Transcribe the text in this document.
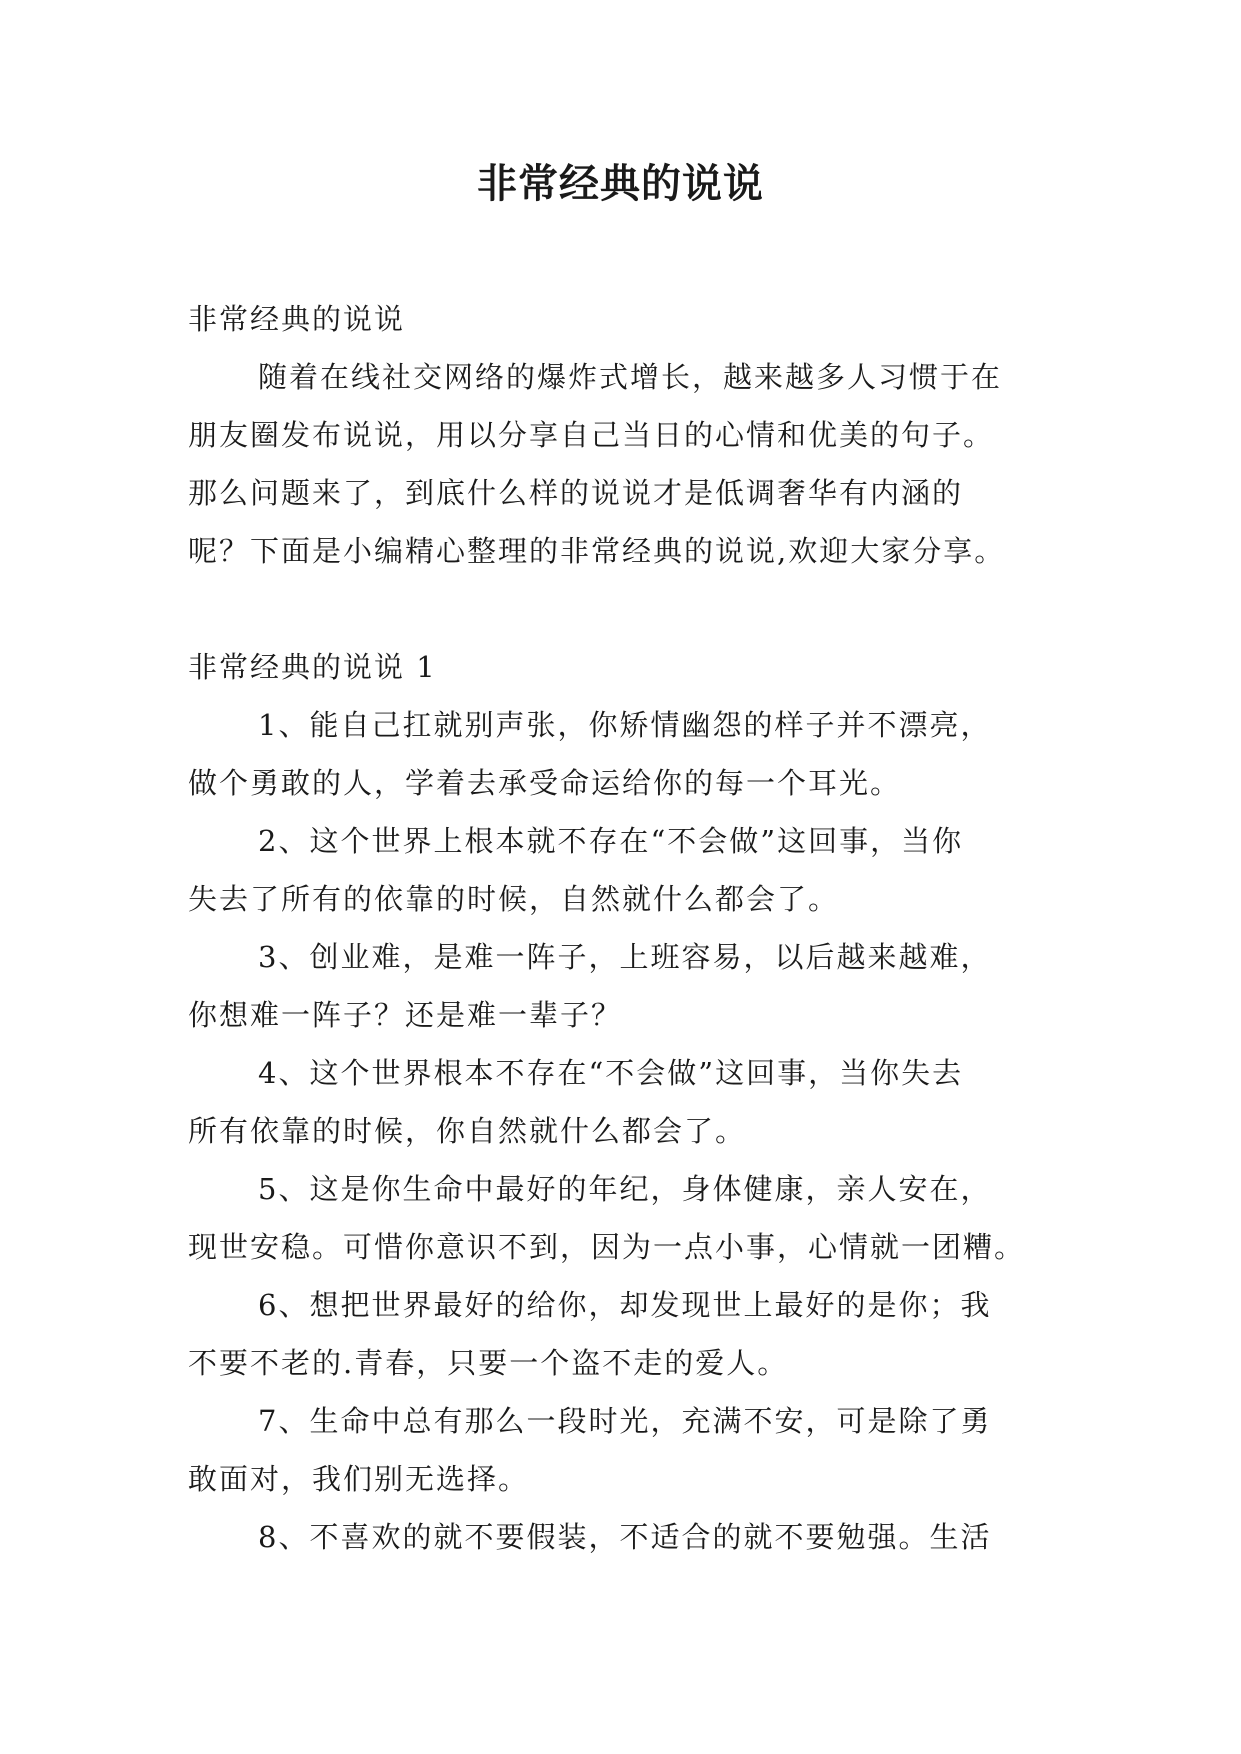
非常经典的说说
非常经典的说说
随着在线社交网络的爆炸式增长，越来越多人习惯于在
朋友圈发布说说，用以分享自己当日的心情和优美的句子。
那么问题来了，到底什么样的说说才是低调奢华有内涵的
呢？下面是小编精心整理的非常经典的说说,欢迎大家分享。
非常经典的说说 1
1、能自己扛就别声张，你矫情幽怨的样子并不漂亮，
做个勇敢的人，学着去承受命运给你的每一个耳光。
2、这个世界上根本就不存在“不会做”这回事，当你
失去了所有的依靠的时候，自然就什么都会了。
3、创业难，是难一阵子，上班容易，以后越来越难，
你想难一阵子？还是难一辈子？
4、这个世界根本不存在“不会做”这回事，当你失去
所有依靠的时候，你自然就什么都会了。
5、这是你生命中最好的年纪，身体健康，亲人安在，
现世安稳。可惜你意识不到，因为一点小事，心情就一团糟。
6、想把世界最好的给你，却发现世上最好的是你；我
不要不老的.青春，只要一个盗不走的爱人。
7、生命中总有那么一段时光，充满不安，可是除了勇
敢面对，我们别无选择。
8、不喜欢的就不要假装，不适合的就不要勉强。生活
